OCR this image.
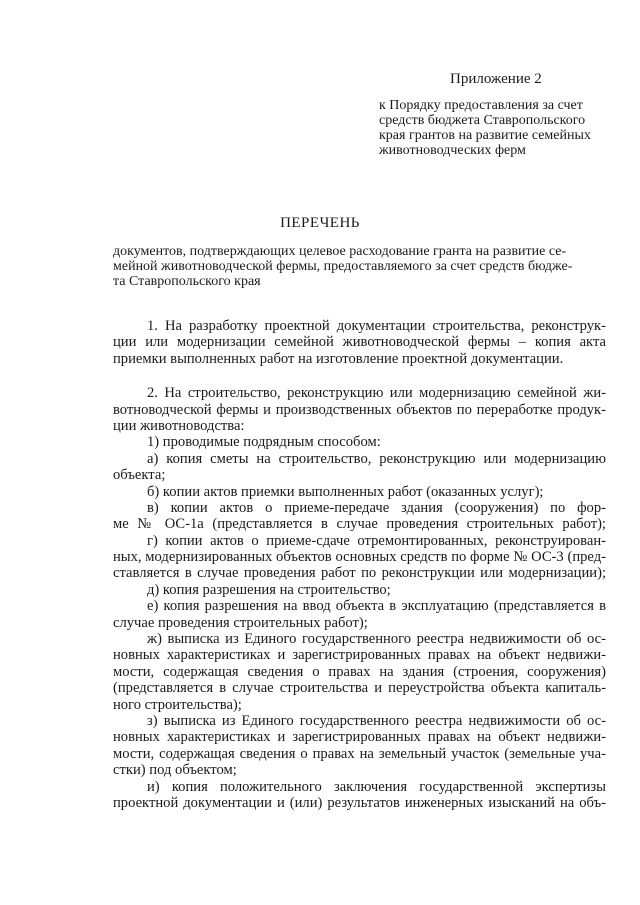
Приложение 2
к Порядку предоставления за счет
средств бюджета Ставропольского
края грантов на развитие семейных
животноводческих ферм
ПЕРЕЧЕНЬ
документов, подтверждающих целевое расходование гранта на развитие се-
мейной животноводческой фермы, предоставляемого за счет средств бюдже-
та Ставропольского края
1. На разработку проектной документации строительства, реконструк-
ции или модернизации семейной животноводческой фермы – копия акта
приемки выполненных работ на изготовление проектной документации.
2. На строительство, реконструкцию или модернизацию семейной жи-
вотноводческой фермы и производственных объектов по переработке продук-
ции животноводства:
1) проводимые подрядным способом:
а) копия сметы на строительство, реконструкцию или модернизацию
объекта;
б) копии актов приемки выполненных работ (оказанных услуг);
в) копии актов о приеме-передаче здания (сооружения) по фор-
ме № ОС-1а (представляется в случае проведения строительных работ);
г) копии актов о приеме-сдаче отремонтированных, реконструирован-
ных, модернизированных объектов основных средств по форме № ОС-3 (пред-
ставляется в случае проведения работ по реконструкции или модернизации);
д) копия разрешения на строительство;
е) копия разрешения на ввод объекта в эксплуатацию (представляется в
случае проведения строительных работ);
ж) выписка из Единого государственного реестра недвижимости об ос-
новных характеристиках и зарегистрированных правах на объект недвижи-
мости, содержащая сведения о правах на здания (строения, сооружения)
(представляется в случае строительства и переустройства объекта капиталь-
ного строительства);
з) выписка из Единого государственного реестра недвижимости об ос-
новных характеристиках и зарегистрированных правах на объект недвижи-
мости, содержащая сведения о правах на земельный участок (земельные уча-
стки) под объектом;
и) копия положительного заключения государственной экспертизы
проектной документации и (или) результатов инженерных изысканий на объ-
